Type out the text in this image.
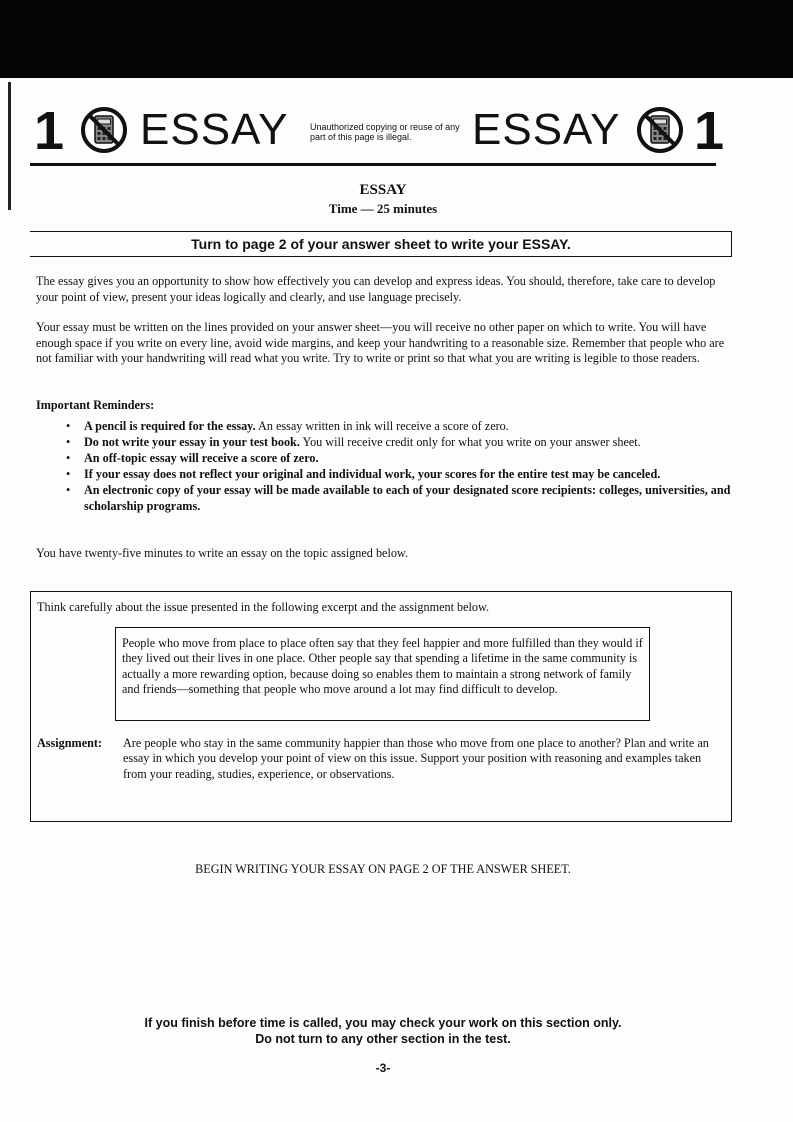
1 ESSAY Unauthorized copying or reuse of any part of this page is illegal.	ESSAY 1
ESSAY
Time — 25 minutes
Turn to page 2 of your answer sheet to write your ESSAY.
The essay gives you an opportunity to show how effectively you can develop and express ideas. You should, therefore, take care to develop your point of view, present your ideas logically and clearly, and use language precisely.
Your essay must be written on the lines provided on your answer sheet—you will receive no other paper on which to write. You will have enough space if you write on every line, avoid wide margins, and keep your handwriting to a reasonable size. Remember that people who are not familiar with your handwriting will read what you write. Try to write or print so that what you are writing is legible to those readers.
Important Reminders:
• A pencil is required for the essay. An essay written in ink will receive a score of zero.
• Do not write your essay in your test book. You will receive credit only for what you write on your answer sheet.
• An off-topic essay will receive a score of zero.
• If your essay does not reflect your original and individual work, your scores for the entire test may be canceled.
• An electronic copy of your essay will be made available to each of your designated score recipients: colleges, universities, and scholarship programs.
You have twenty-five minutes to write an essay on the topic assigned below.
Think carefully about the issue presented in the following excerpt and the assignment below.
People who move from place to place often say that they feel happier and more fulfilled than they would if they lived out their lives in one place. Other people say that spending a lifetime in the same community is actually a more rewarding option, because doing so enables them to maintain a strong network of family and friends—something that people who move around a lot may find difficult to develop.
Assignment: Are people who stay in the same community happier than those who move from one place to another? Plan and write an essay in which you develop your point of view on this issue. Support your position with reasoning and examples taken from your reading, studies, experience, or observations.
BEGIN WRITING YOUR ESSAY ON PAGE 2 OF THE ANSWER SHEET.
If you finish before time is called, you may check your work on this section only.
Do not turn to any other section in the test.
-3-
